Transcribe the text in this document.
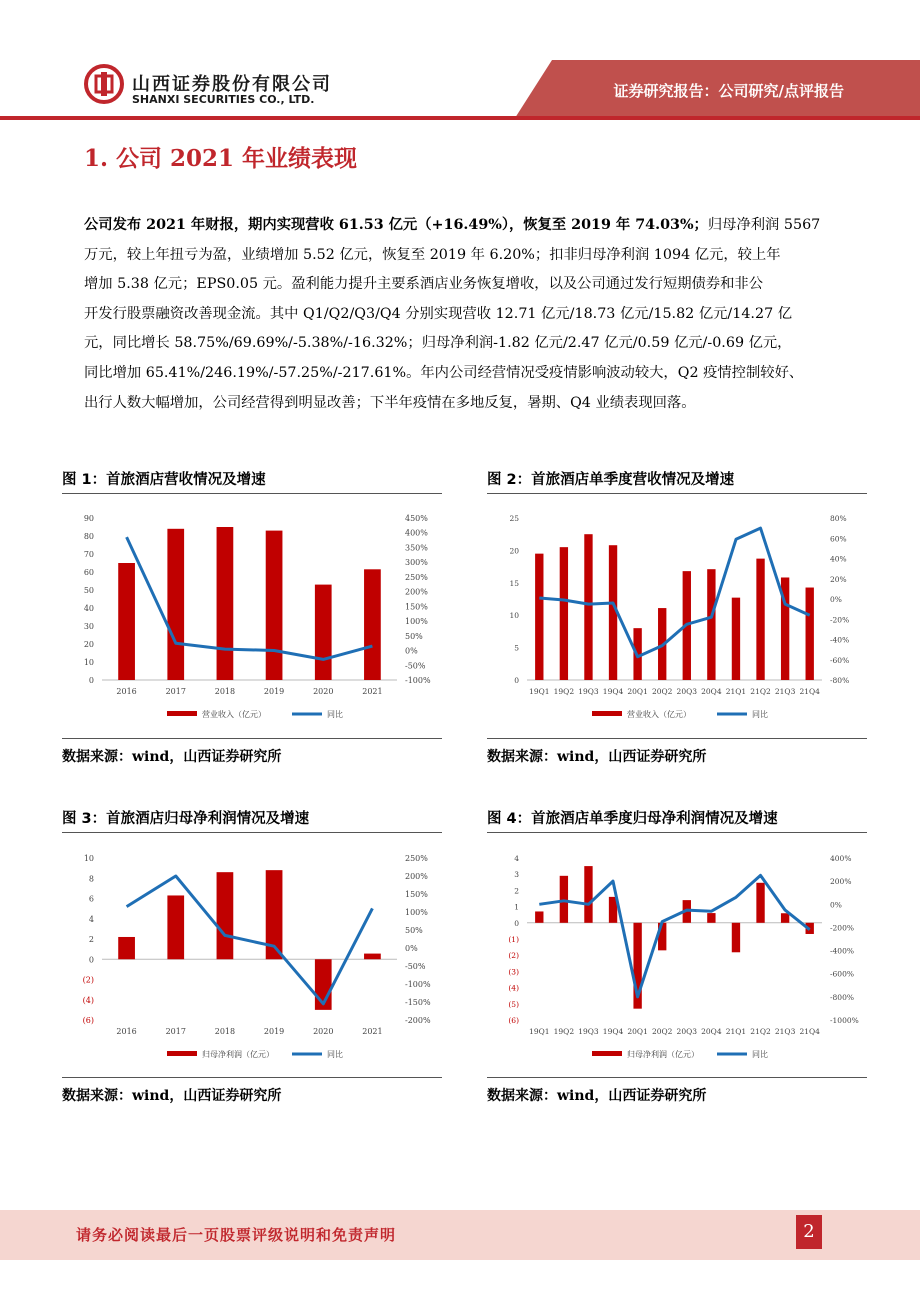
山西证券股份有限公司
SHANXI SECURITIES CO., LTD.	证券研究报告：公司研究/点评报告
1. 公司 2021 年业绩表现
公司发布 2021 年财报，期内实现营收 61.53 亿元（+16.49%），恢复至 2019 年 74.03%；归母净利润 5567
万元，较上年扭亏为盈，业绩增加 5.52 亿元，恢复至 2019 年 6.20%；扣非归母净利润 1094 亿元，较上年
增加 5.38 亿元；EPS0.05 元。盈利能力提升主要系酒店业务恢复增收，以及公司通过发行短期债券和非公
开发行股票融资改善现金流。其中 Q1/Q2/Q3/Q4 分别实现营收 12.71 亿元/18.73 亿元/15.82 亿元/14.27 亿
元，同比增长 58.75%/69.69%/-5.38%/-16.32%；归母净利润-1.82 亿元/2.47 亿元/0.59 亿元/-0.69 亿元，
同比增加 65.41%/246.19%/-57.25%/-217.61%。年内公司经营情况受疫情影响波动较大，Q2 疫情控制较好、
出行人数大幅增加，公司经营得到明显改善；下半年疫情在多地反复，暑期、Q4 业绩表现回落。
图 1：首旅酒店营收情况及增速
0
10
20
30
40
50
60
70
80
90
-100%
-50%
0%
50%
100%
150%
200%
250%
300%
350%
400%
450%
2016	2017	2018	2019	2020	2021
营业收入（亿元）	同比
数据来源：wind，山西证券研究所
图 2：首旅酒店单季度营收情况及增速
0
5
10
15
20
25
-80%
-60%
-40%
-20%
0%
20%
40%
60%
80%
19Q1 19Q2 19Q3 19Q4 20Q1 20Q2 20Q3 20Q4 21Q1 21Q2 21Q3 21Q4
营业收入（亿元）	同比
数据来源：wind，山西证券研究所
图 3：首旅酒店归母净利润情况及增速
(6)
(4)
(2)
0
2
4
6
8
10
-200%
-150%
-100%
-50%
0%
50%
100%
150%
200%
250%
2016	2017	2018	2019	2020	2021
归母净利润（亿元）	同比
数据来源：wind，山西证券研究所
图 4：首旅酒店单季度归母净利润情况及增速
(6)
(5)
(4)
(3)
(2)
(1)
0
1
2
3
4
-1000%
-800%
-600%
-400%
-200%
0%
200%
400%
19Q1 19Q2 19Q3 19Q4 20Q1 20Q2 20Q3 20Q4 21Q1 21Q2 21Q3 21Q4
归母净利润（亿元）	同比
数据来源：wind，山西证券研究所
请务必阅读最后一页股票评级说明和免责声明	2
